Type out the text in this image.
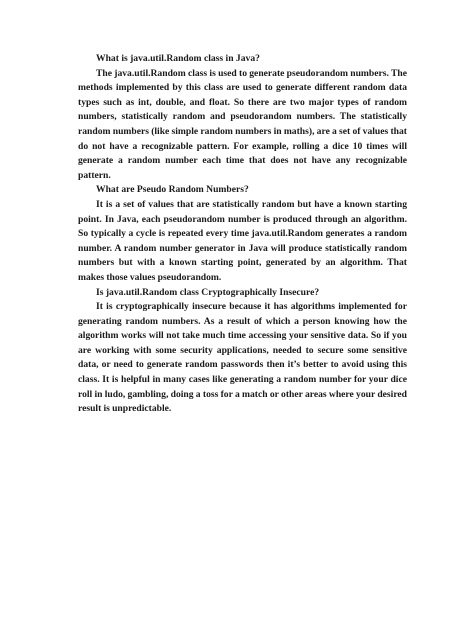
What is java.util.Random class in Java?

The java.util.Random class is used to generate pseudorandom numbers. The methods implemented by this class are used to generate different random data types such as int, double, and float. So there are two major types of random numbers, statistically random and pseudorandom numbers. The statistically random numbers (like simple random numbers in maths), are a set of values that do not have a recognizable pattern. For example, rolling a dice 10 times will generate a random number each time that does not have any recognizable pattern.

What are Pseudo Random Numbers?

It is a set of values that are statistically random but have a known starting point. In Java, each pseudorandom number is produced through an algorithm. So typically a cycle is repeated every time java.util.Random generates a random number. A random number generator in Java will produce statistically random numbers but with a known starting point, generated by an algorithm. That makes those values pseudorandom.

Is java.util.Random class Cryptographically Insecure?

It is cryptographically insecure because it has algorithms implemented for generating random numbers. As a result of which a person knowing how the algorithm works will not take much time accessing your sensitive data. So if you are working with some security applications, needed to secure some sensitive data, or need to generate random passwords then it’s better to avoid using this class. It is helpful in many cases like generating a random number for your dice roll in ludo, gambling, doing a toss for a match or other areas where your desired result is unpredictable.
